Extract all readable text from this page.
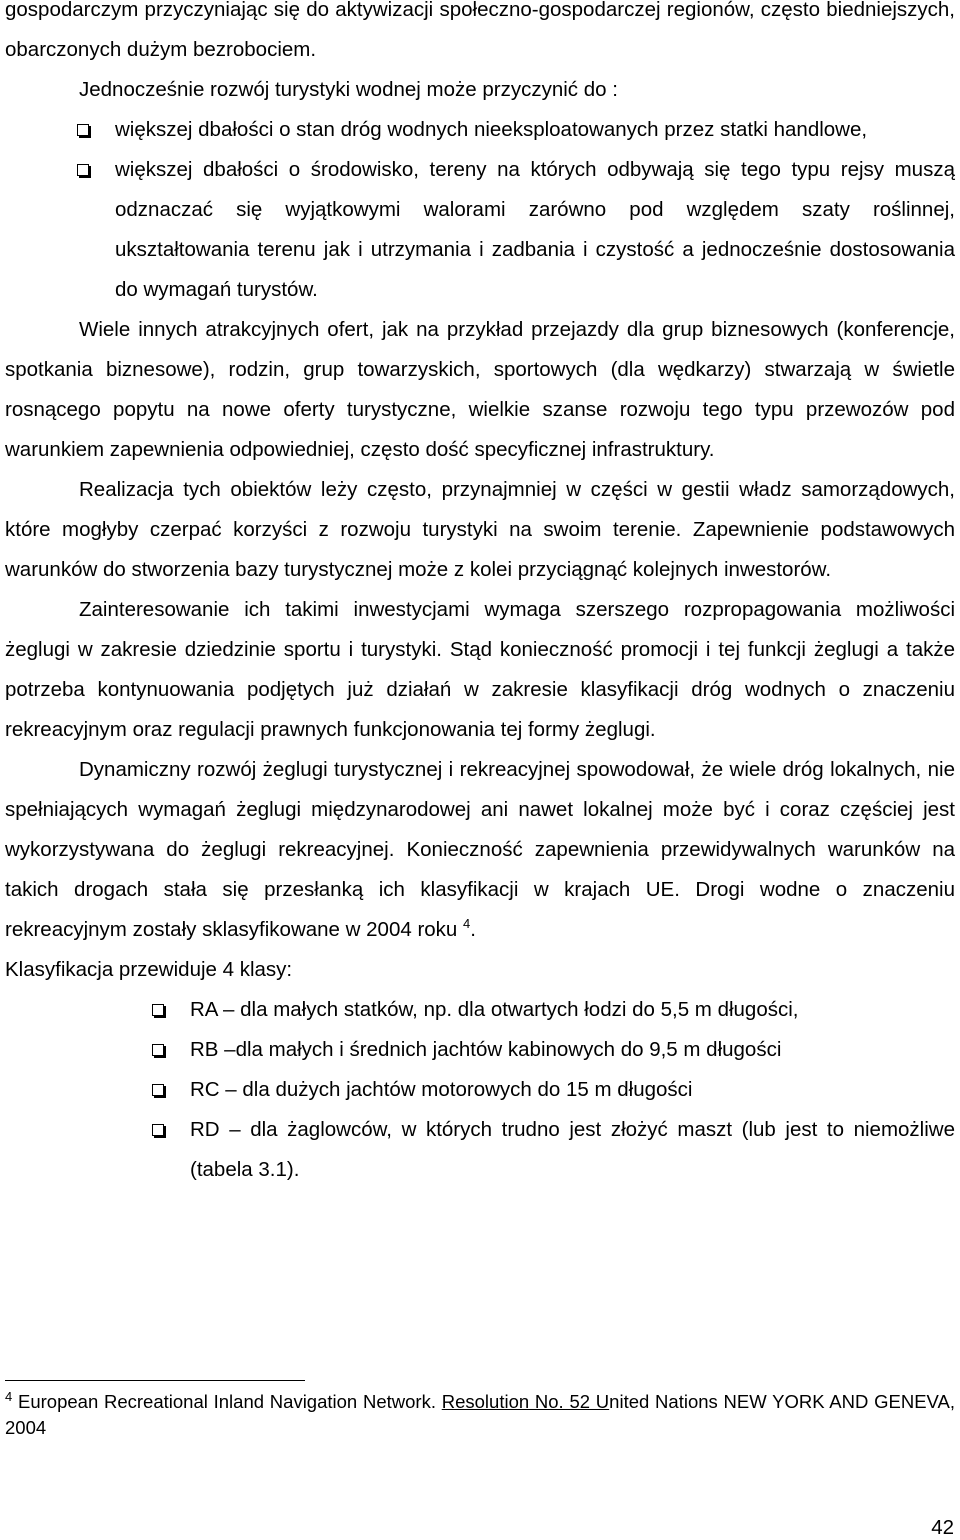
gospodarczym przyczyniając się do aktywizacji społeczno-gospodarczej regionów, często biedniejszych, obarczonych dużym bezrobociem.

Jednocześnie rozwój turystyki wodnej może przyczynić do :

większej dbałości o stan dróg wodnych nieeksploatowanych przez statki handlowe,
większej dbałości o środowisko, tereny na których odbywają się tego typu rejsy muszą odznaczać się wyjątkowymi walorami zarówno pod względem szaty roślinnej, ukształtowania terenu jak i utrzymania i zadbania i czystość a jednocześnie dostosowania do wymagań turystów.

Wiele innych atrakcyjnych ofert, jak na przykład przejazdy dla grup biznesowych (konferencje, spotkania biznesowe), rodzin, grup towarzyskich, sportowych (dla wędkarzy) stwarzają w świetle rosnącego popytu na nowe oferty turystyczne, wielkie szanse rozwoju tego typu przewozów pod warunkiem zapewnienia odpowiedniej, często dość specyficznej infrastruktury.

Realizacja tych obiektów leży często, przynajmniej w części w gestii władz samorządowych, które mogłyby czerpać korzyści z rozwoju turystyki na swoim terenie. Zapewnienie podstawowych warunków do stworzenia bazy turystycznej może z kolei przyciągnąć kolejnych inwestorów.

Zainteresowanie ich takimi inwestycjami wymaga szerszego rozpropagowania możliwości żeglugi w zakresie dziedzinie sportu i turystyki. Stąd konieczność promocji i tej funkcji żeglugi a także potrzeba kontynuowania podjętych już działań w zakresie klasyfikacji dróg wodnych o znaczeniu rekreacyjnym oraz regulacji prawnych funkcjonowania tej formy żeglugi.

Dynamiczny rozwój żeglugi turystycznej i rekreacyjnej spowodował, że wiele dróg lokalnych, nie spełniających wymagań żeglugi międzynarodowej ani nawet lokalnej może być i coraz częściej jest wykorzystywana do żeglugi rekreacyjnej. Konieczność zapewnienia przewidywalnych warunków na takich drogach stała się przesłanką ich klasyfikacji w krajach UE. Drogi wodne o znaczeniu rekreacyjnym zostały sklasyfikowane w 2004 roku $^4$.

Klasyfikacja przewiduje 4 klasy:

RA – dla małych statków, np. dla otwartych łodzi do 5,5 m długości,
RB –dla małych i średnich jachtów kabinowych do 9,5 m długości
RC – dla dużych jachtów motorowych do 15 m długości
RD – dla żaglowców, w których trudno jest złożyć maszt (lub jest to niemożliwe (tabela 3.1).
$^4$ European Recreational Inland Navigation Network. Resolution No. 52 United Nations NEW YORK AND GENEVA, 2004
42
